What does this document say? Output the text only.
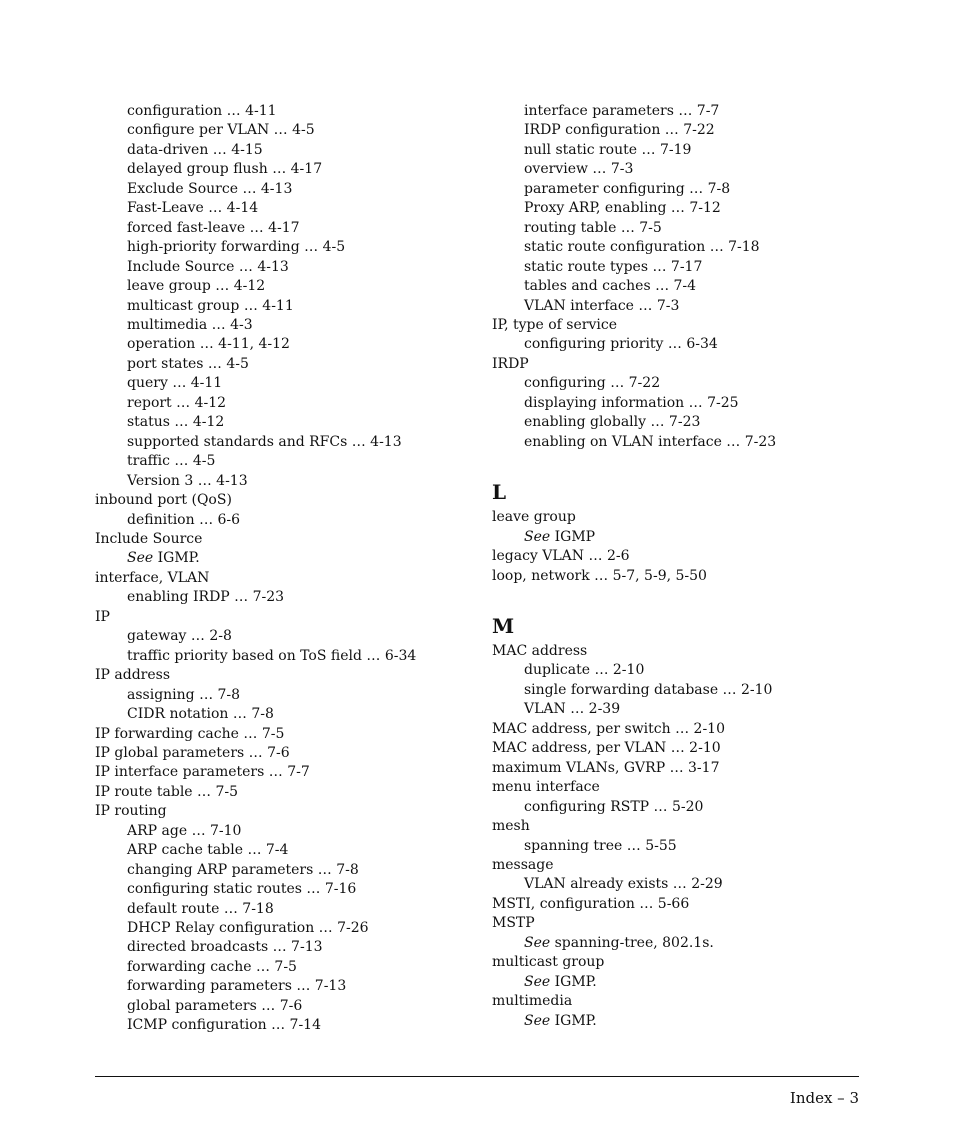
configuration … 4-11
configure per VLAN … 4-5
data-driven … 4-15
delayed group flush … 4-17
Exclude Source … 4-13
Fast-Leave … 4-14
forced fast-leave … 4-17
high-priority forwarding … 4-5
Include Source … 4-13
leave group … 4-12
multicast group … 4-11
multimedia … 4-3
operation … 4-11, 4-12
port states … 4-5
query … 4-11
report … 4-12
status … 4-12
supported standards and RFCs … 4-13
traffic … 4-5
Version 3 … 4-13
inbound port (QoS)
definition … 6-6
Include Source
See IGMP.
interface, VLAN
enabling IRDP … 7-23
IP
gateway … 2-8
traffic priority based on ToS field … 6-34
IP address
assigning … 7-8
CIDR notation … 7-8
IP forwarding cache … 7-5
IP global parameters … 7-6
IP interface parameters … 7-7
IP route table … 7-5
IP routing
ARP age … 7-10
ARP cache table … 7-4
changing ARP parameters … 7-8
configuring static routes … 7-16
default route … 7-18
DHCP Relay configuration … 7-26
directed broadcasts … 7-13
forwarding cache … 7-5
forwarding parameters … 7-13
global parameters … 7-6
ICMP configuration … 7-14
interface parameters … 7-7
IRDP configuration … 7-22
null static route … 7-19
overview … 7-3
parameter configuring … 7-8
Proxy ARP, enabling … 7-12
routing table … 7-5
static route configuration … 7-18
static route types … 7-17
tables and caches … 7-4
VLAN interface … 7-3
IP, type of service
configuring priority … 6-34
IRDP
configuring … 7-22
displaying information … 7-25
enabling globally … 7-23
enabling on VLAN interface … 7-23
L
leave group
See IGMP
legacy VLAN … 2-6
loop, network … 5-7, 5-9, 5-50
M
MAC address
duplicate … 2-10
single forwarding database … 2-10
VLAN … 2-39
MAC address, per switch … 2-10
MAC address, per VLAN … 2-10
maximum VLANs, GVRP … 3-17
menu interface
configuring RSTP … 5-20
mesh
spanning tree … 5-55
message
VLAN already exists … 2-29
MSTI, configuration … 5-66
MSTP
See spanning-tree, 802.1s.
multicast group
See IGMP.
multimedia
See IGMP.
Index – 3
